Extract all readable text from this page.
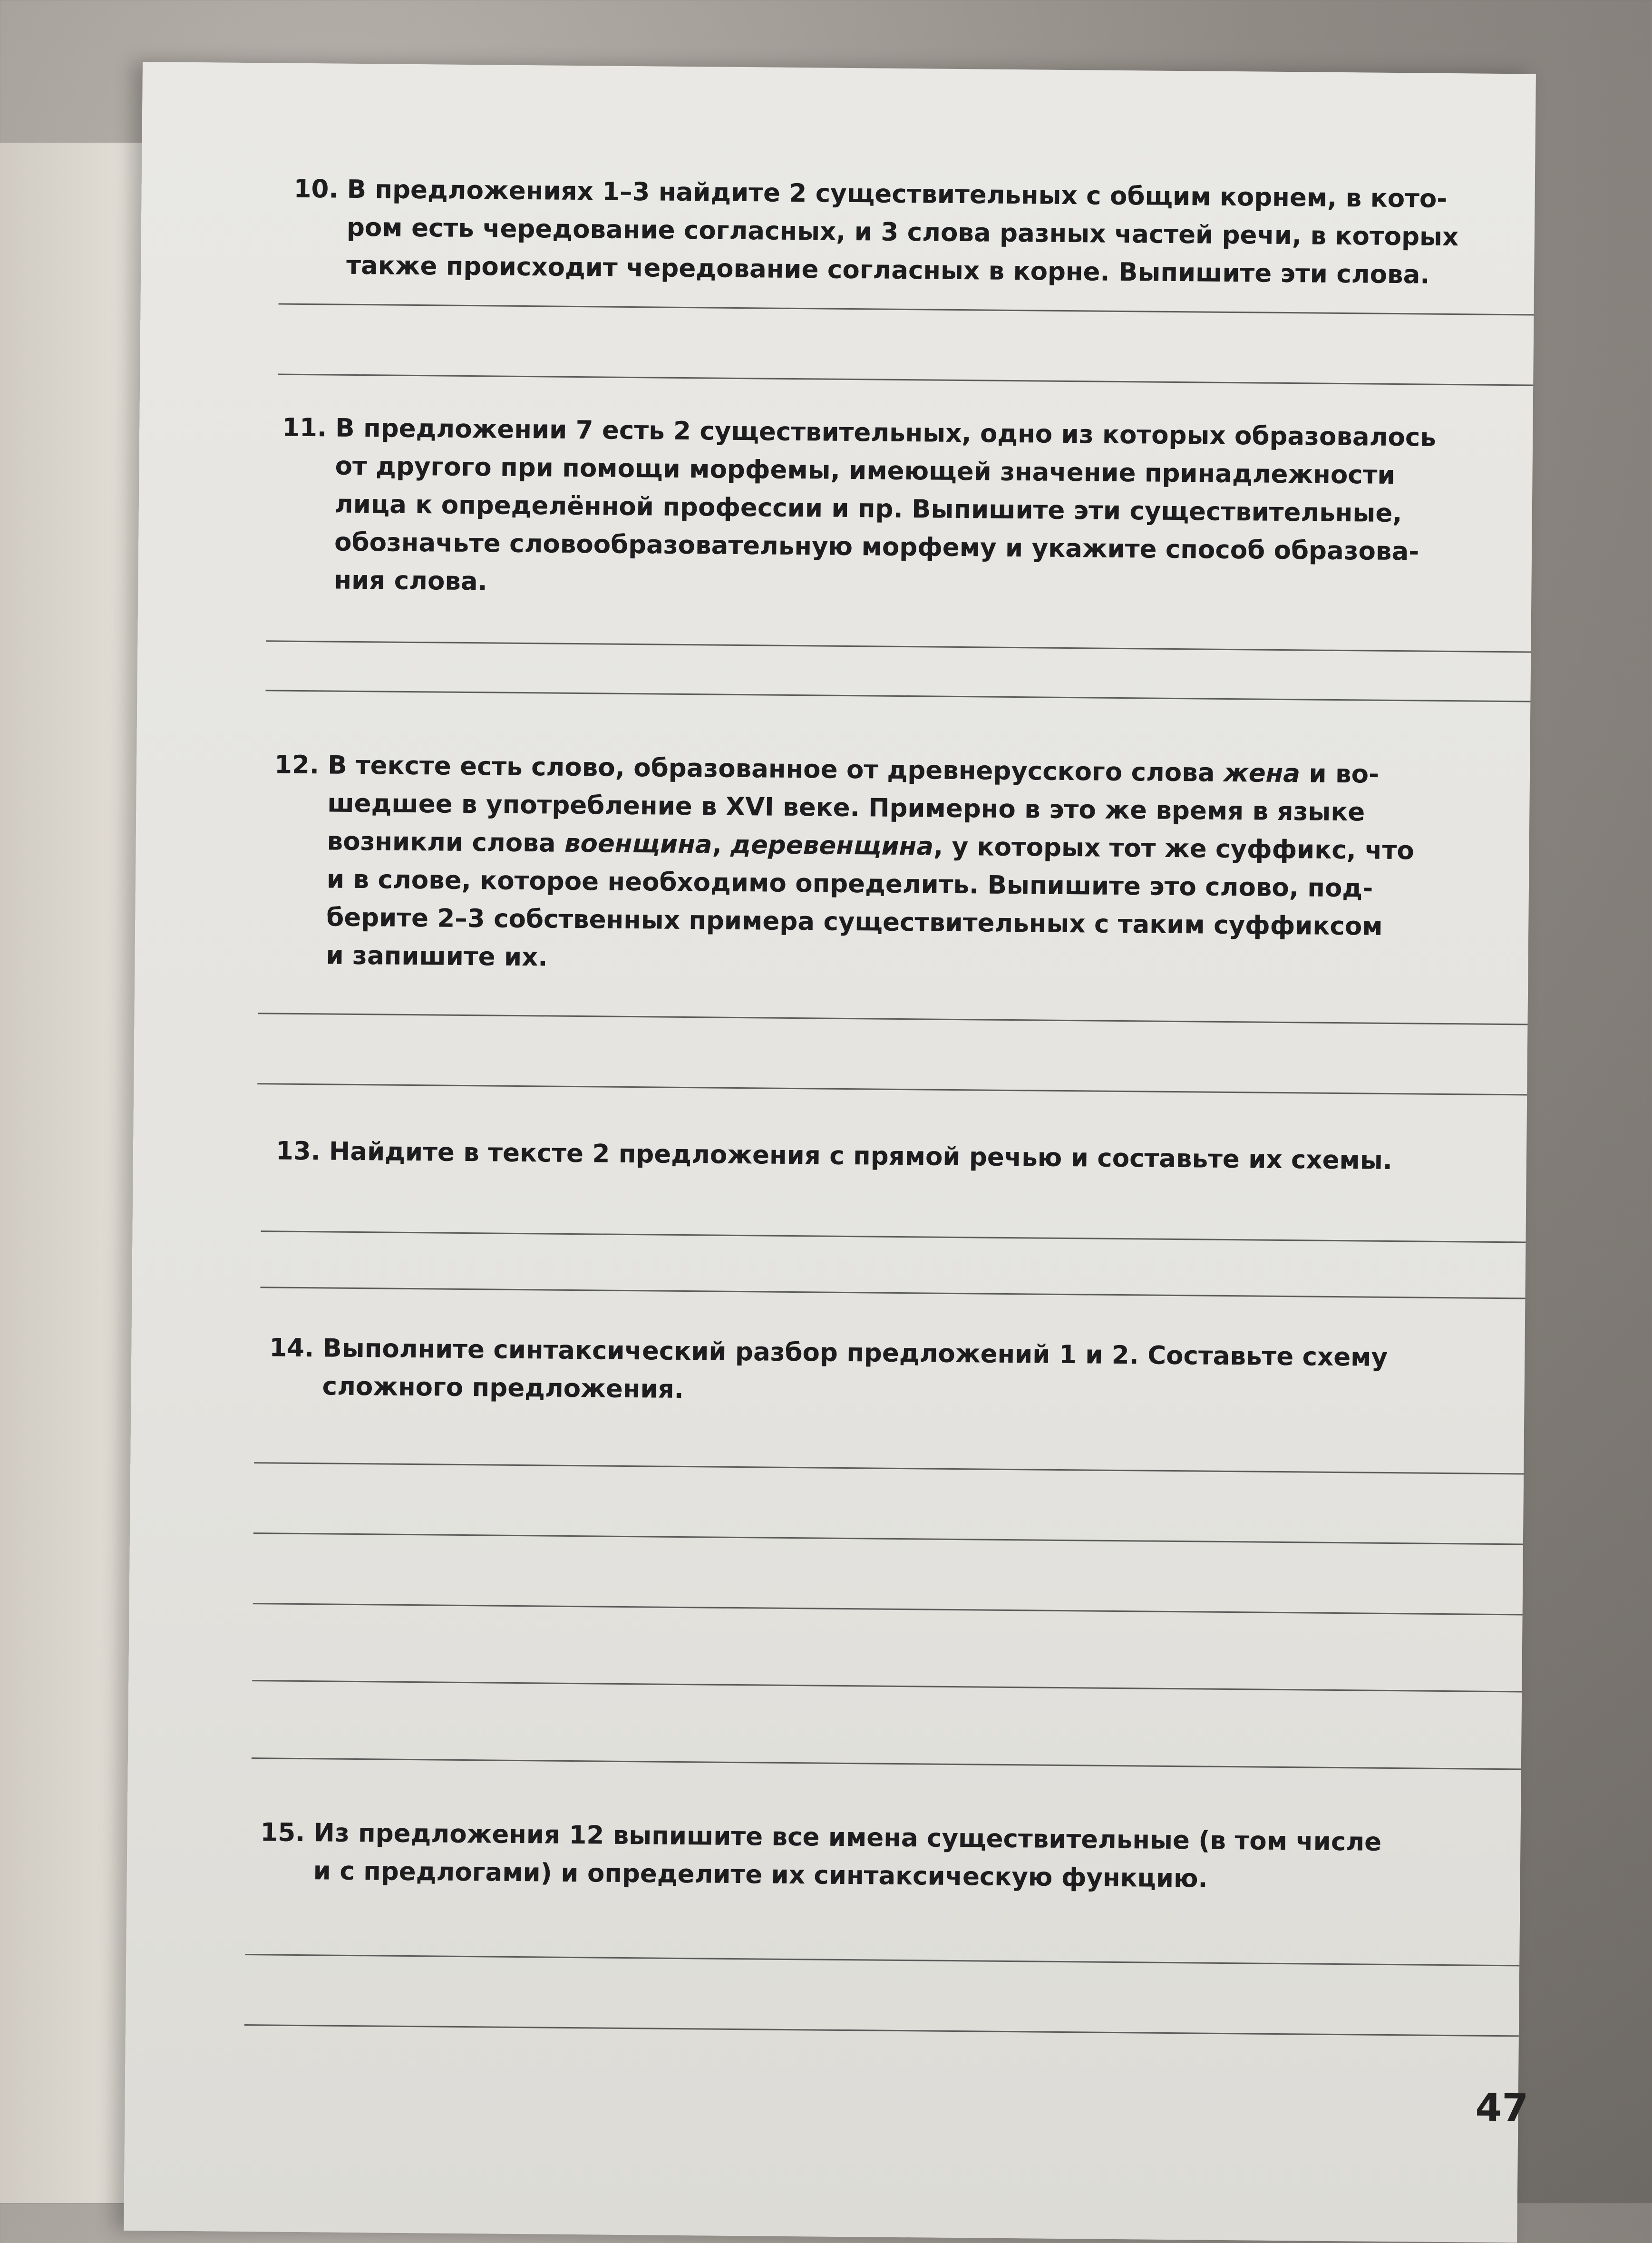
10. В предложениях 1–3 найдите 2 существительных с общим корнем, в кото-
ром есть чередование согласных, и 3 слова разных частей речи, в которых
также происходит чередование согласных в корне. Выпишите эти слова.
11. В предложении 7 есть 2 существительных, одно из которых образовалось
от другого при помощи морфемы, имеющей значение принадлежности
лица к определённой профессии и пр. Выпишите эти существительные,
обозначьте словообразовательную морфему и укажите способ образова-
ния слова.
12. В тексте есть слово, образованное от древнерусского слова жена и во-
шедшее в употребление в XVI веке. Примерно в это же время в языке
возникли слова военщина, деревенщина, у которых тот же суффикс, что
и в слове, которое необходимо определить. Выпишите это слово, под-
берите 2–3 собственных примера существительных с таким суффиксом
и запишите их.
13. Найдите в тексте 2 предложения с прямой речью и составьте их схемы.
14. Выполните синтаксический разбор предложений 1 и 2. Составьте схему
сложного предложения.
15. Из предложения 12 выпишите все имена существительные (в том числе
и с предлогами) и определите их синтаксическую функцию.
47
